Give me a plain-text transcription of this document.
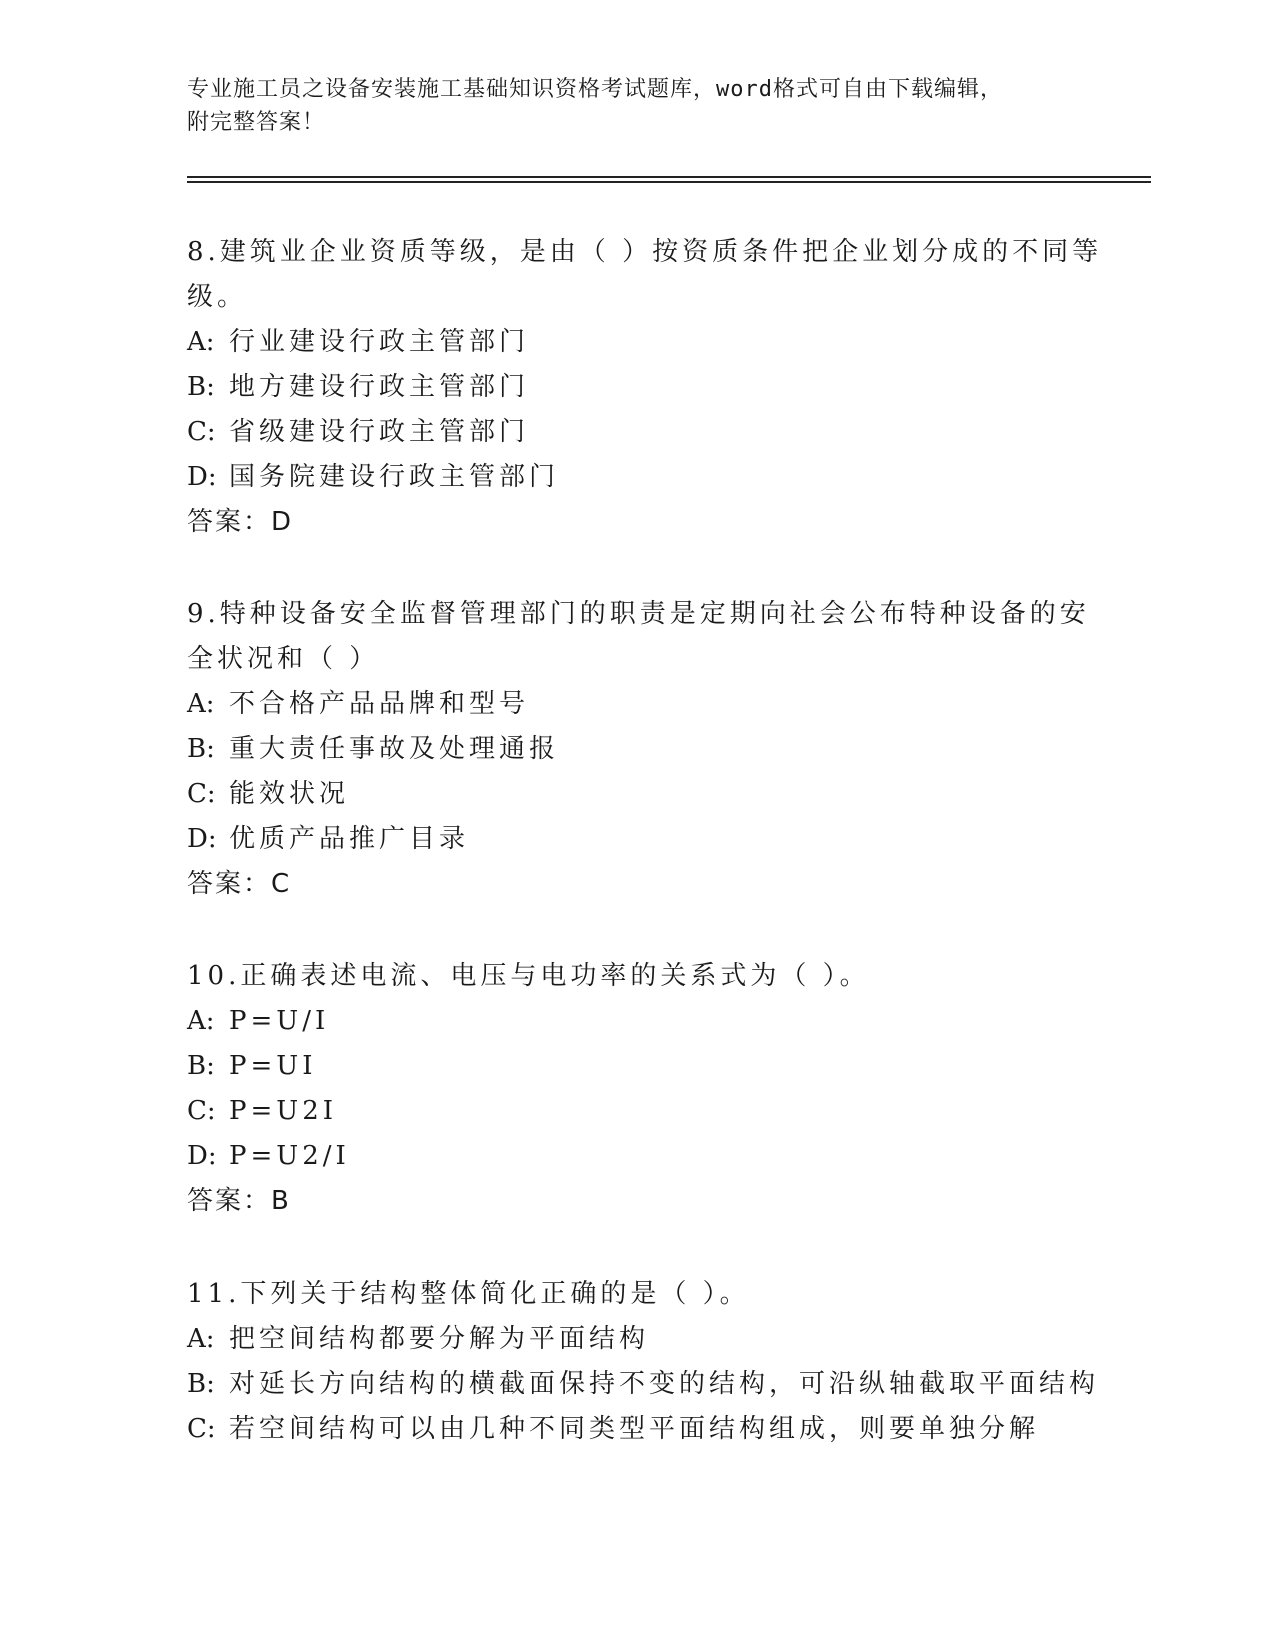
专业施工员之设备安装施工基础知识资格考试题库，word格式可自由下载编辑，
附完整答案！

8.建筑业企业资质等级，是由（ ）按资质条件把企业划分成的不同等级。

A: 行业建设行政主管部门

B: 地方建设行政主管部门

C: 省级建设行政主管部门

D: 国务院建设行政主管部门

答案：D

9.特种设备安全监督管理部门的职责是定期向社会公布特种设备的安全状况和（ ）

A: 不合格产品品牌和型号

B: 重大责任事故及处理通报

C: 能效状况

D: 优质产品推广目录

答案：C

10.正确表述电流、电压与电功率的关系式为（ ）。

A: P=U/I

B: P=UI

C: P=U2I

D: P=U2/I

答案：B

11.下列关于结构整体简化正确的是（ ）。

A: 把空间结构都要分解为平面结构

B: 对延长方向结构的横截面保持不变的结构，可沿纵轴截取平面结构

C: 若空间结构可以由几种不同类型平面结构组成，则要单独分解
